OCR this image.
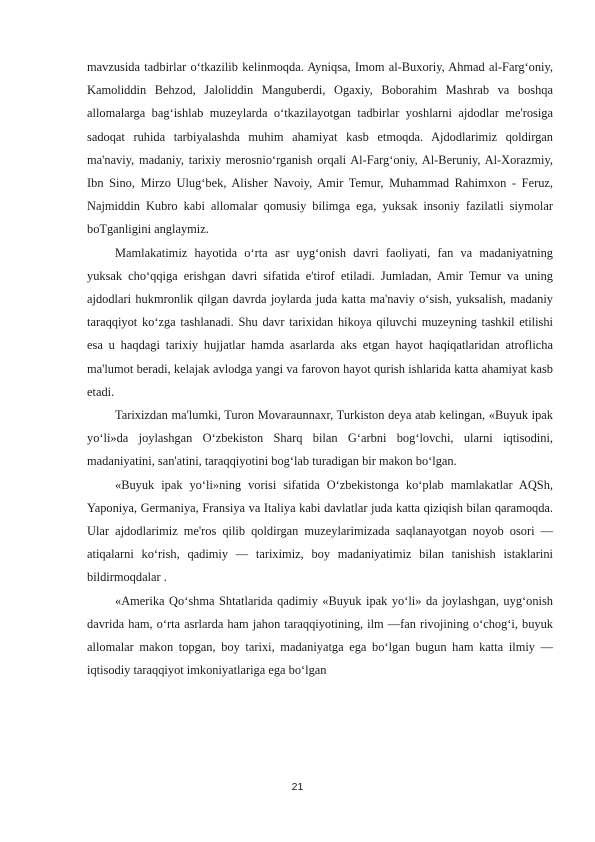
mavzusida tadbirlar o‘tkazilib kelinmoqda. Ayniqsa, Imom al-Buxoriy, Ahmad al-Farg‘oniy, Kamoliddin Behzod, Jaloliddin Manguberdi, Ogaxiy, Boborahim Mashrab va boshqa allomalarga bag‘ishlab muzeylarda o‘tkazilayotgan tadbirlar yoshlarni ajdodlar me'rosiga sadoqat ruhida tarbiyalashda muhim ahamiyat kasb etmoqda. Ajdodlarimiz qoldirgan ma'naviy, madaniy, tarixiy merosnio‘rganish orqali Al-Farg‘oniy, Al-Beruniy, Al-Xorazmiy, Ibn Sino, Mirzo Ulug‘bek, Alisher Navoiy, Amir Temur, Muhammad Rahimxon - Feruz, Najmiddin Kubro kabi allomalar qomusiy bilimga ega, yuksak insoniy fazilatli siymolar boTganligini anglaymiz.

Mamlakatimiz hayotida o‘rta asr uyg‘onish davri faoliyati, fan va madaniyatning yuksak cho‘qqiga erishgan davri sifatida e'tirof etiladi. Jumladan, Amir Temur va uning ajdodlari hukmronlik qilgan davrda joylarda juda katta ma'naviy o‘sish, yuksalish, madaniy taraqqiyot ko‘zga tashlanadi. Shu davr tarixidan hikoya qiluvchi muzeyning tashkil etilishi esa u haqdagi tarixiy hujjatlar hamda asarlarda aks etgan hayot haqiqatlaridan atroflicha ma'lumot beradi, kelajak avlodga yangi va farovon hayot qurish ishlarida katta ahamiyat kasb etadi.

Tarixizdan ma'lumki, Turon Movaraunnaxr, Turkiston deya atab kelingan, «Buyuk ipak yo‘li»da joylashgan O‘zbekiston Sharq bilan G‘arbni bog‘lovchi, ularni iqtisodini, madaniyatini, san'atini, taraqqiyotini bog‘lab turadigan bir makon bo‘lgan.

«Buyuk ipak yo‘li»ning vorisi sifatida O‘zbekistonga ko‘plab mamlakatlar AQSh, Yaponiya, Germaniya, Fransiya va Italiya kabi davlatlar juda katta qiziqish bilan qaramoqda. Ular ajdodlarimiz me'ros qilib qoldirgan muzeylarimizada saqlanayotgan noyob osori — atiqalarni ko‘rish, qadimiy — tariximiz, boy madaniyatimiz bilan tanishish istaklarini bildirmoqdalar .

«Amerika Qo‘shma Shtatlarida qadimiy «Buyuk ipak yo‘li» da joylashgan, uyg‘onish davrida ham, o‘rta asrlarda ham jahon taraqqiyotining, ilm —fan rivojining o‘chog‘i, buyuk allomalar makon topgan, boy tarixi, madaniyatga ega bo‘lgan bugun ham katta ilmiy — iqtisodiy taraqqiyot imkoniyatlariga ega bo‘lgan

21
